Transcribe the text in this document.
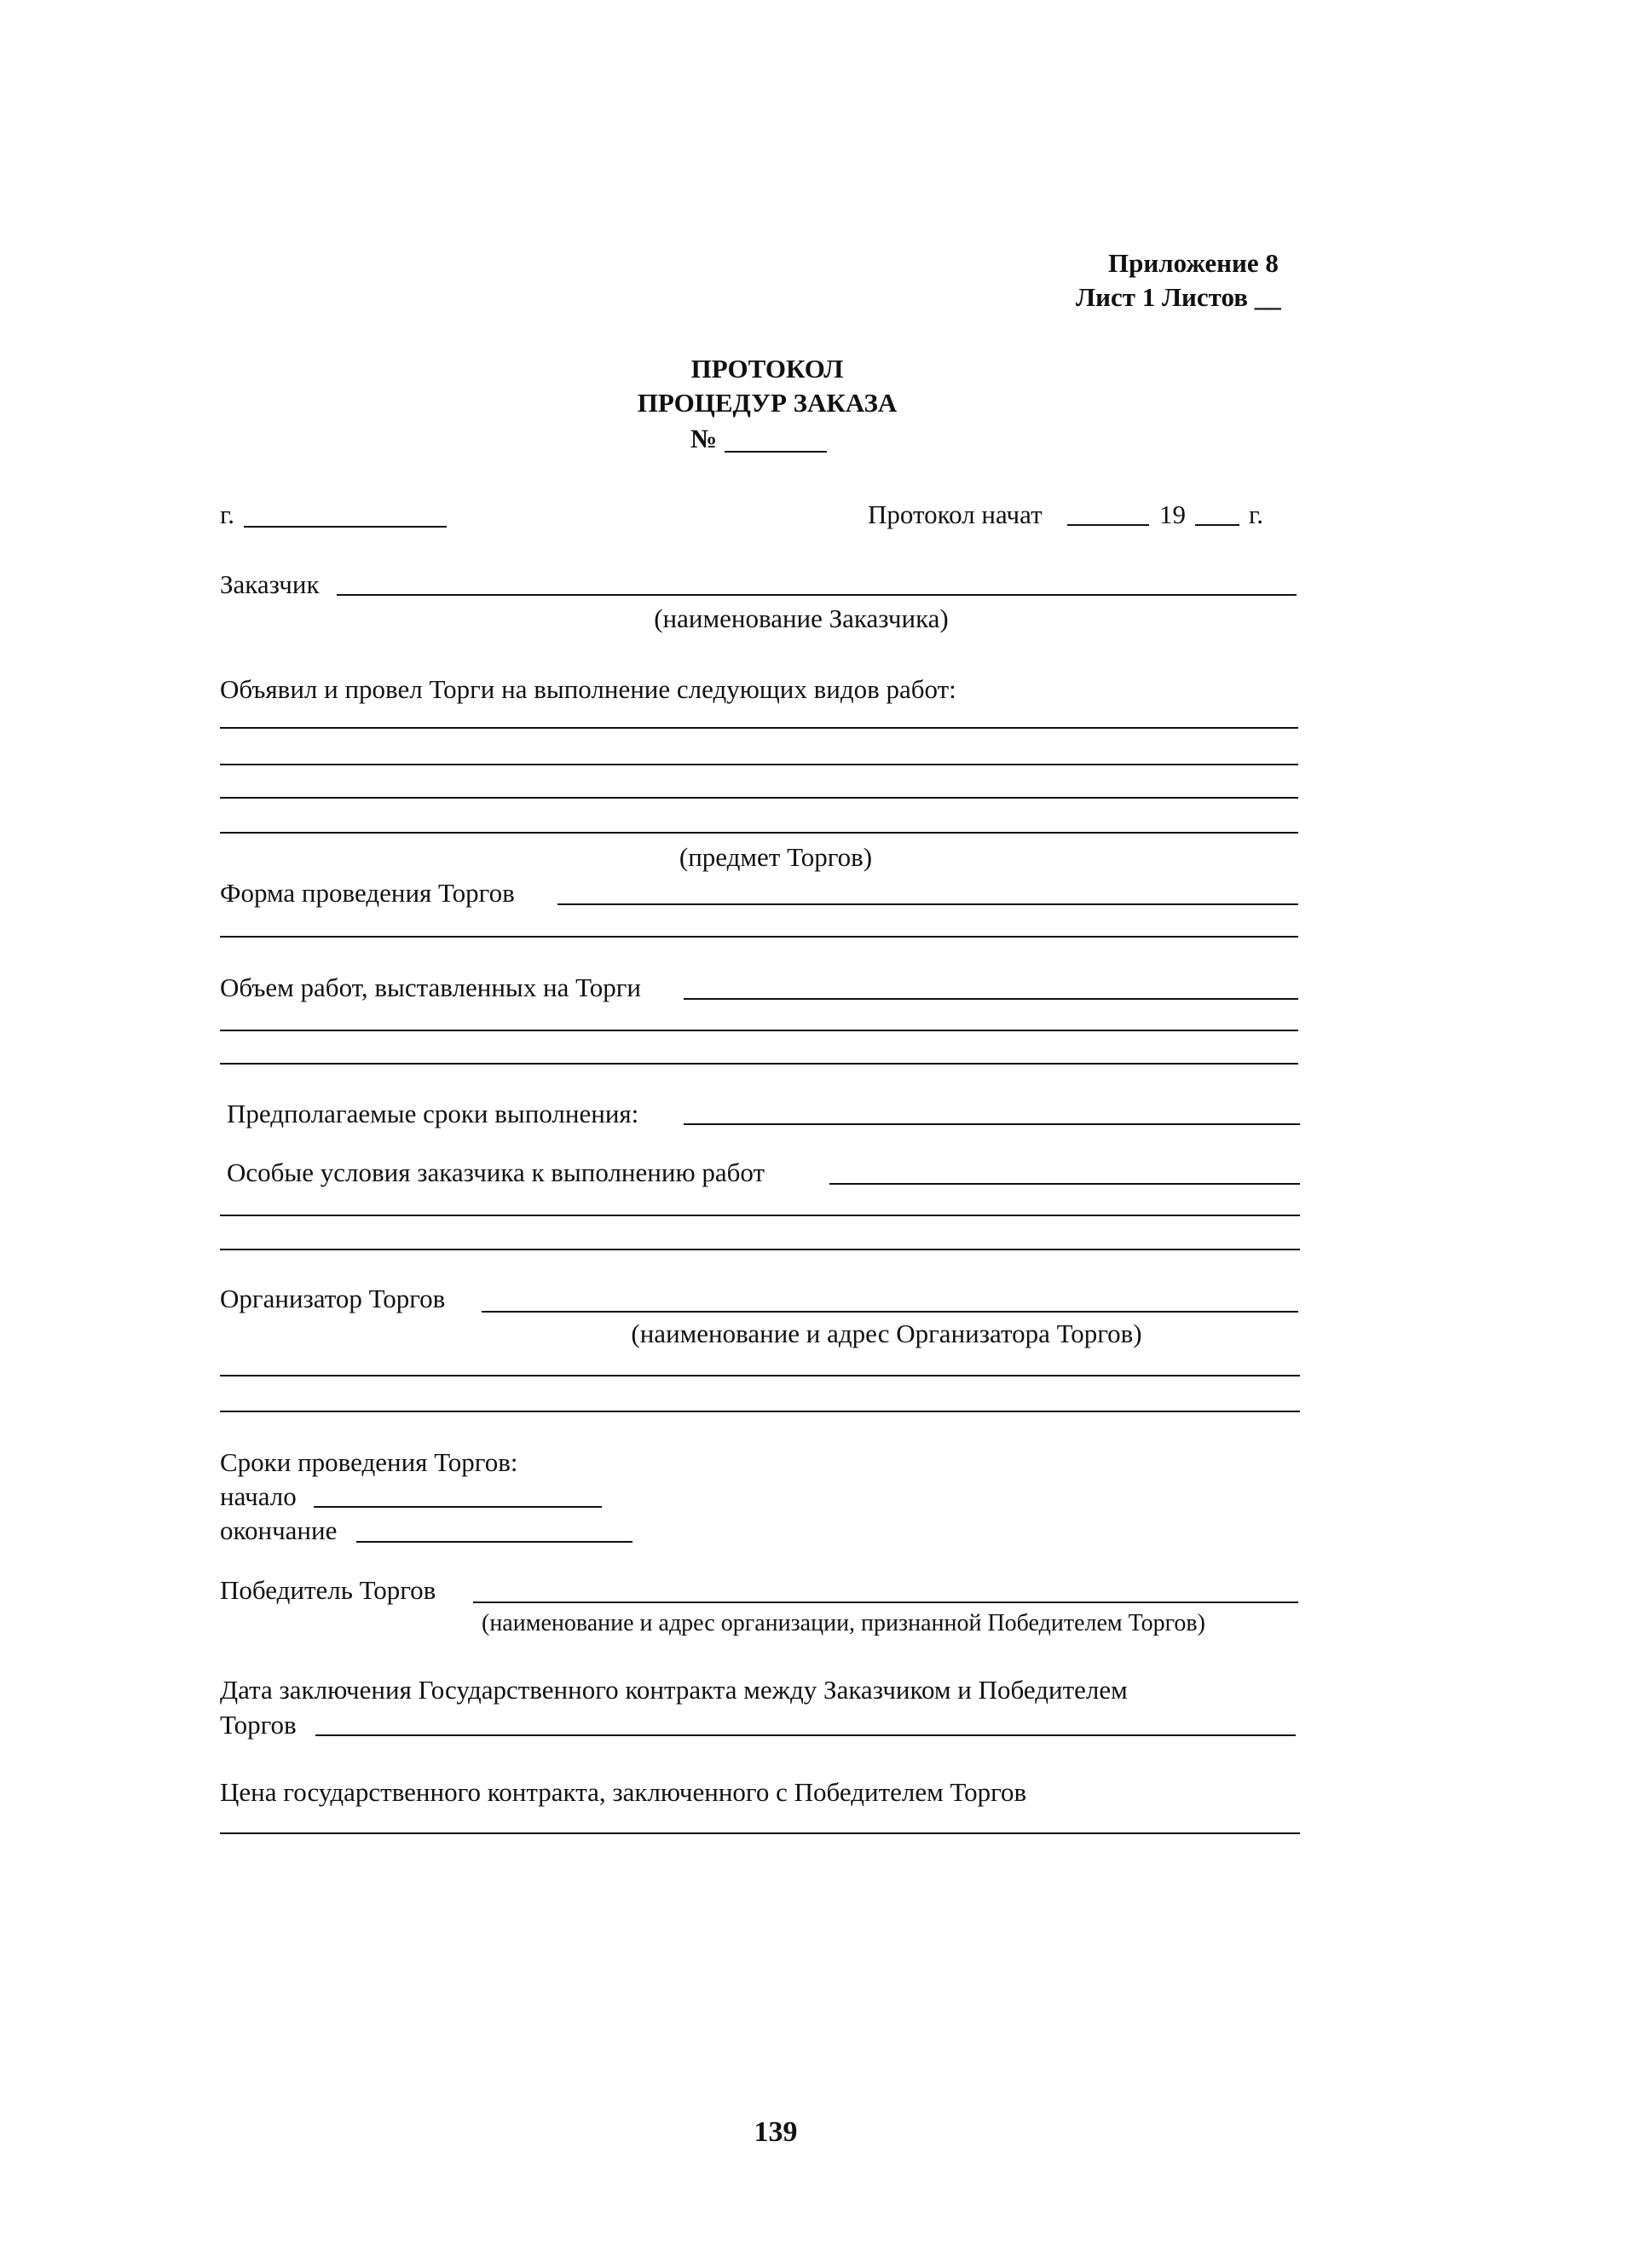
Приложение 8
Лист 1 Листов __
ПРОТОКОЛ
ПРОЦЕДУР ЗАКАЗА
№
г.	Протокол начат	19 г.
Заказчик
(наименование Заказчика)
Объявил и провел Торги на выполнение следующих видов работ:
(предмет Торгов)
Форма проведения Торгов
Объем работ, выставленных на Торги
Предполагаемые сроки выполнения:
Особые условия заказчика к выполнению работ
Организатор Торгов
(наименование и адрес Организатора Торгов)
Сроки проведения Торгов:
начало
окончание
Победитель Торгов
(наименование и адрес организации, признанной Победителем Торгов)
Дата заключения Государственного контракта между Заказчиком и Победителем
Торгов
Цена государственного контракта, заключенного с Победителем Торгов
139
